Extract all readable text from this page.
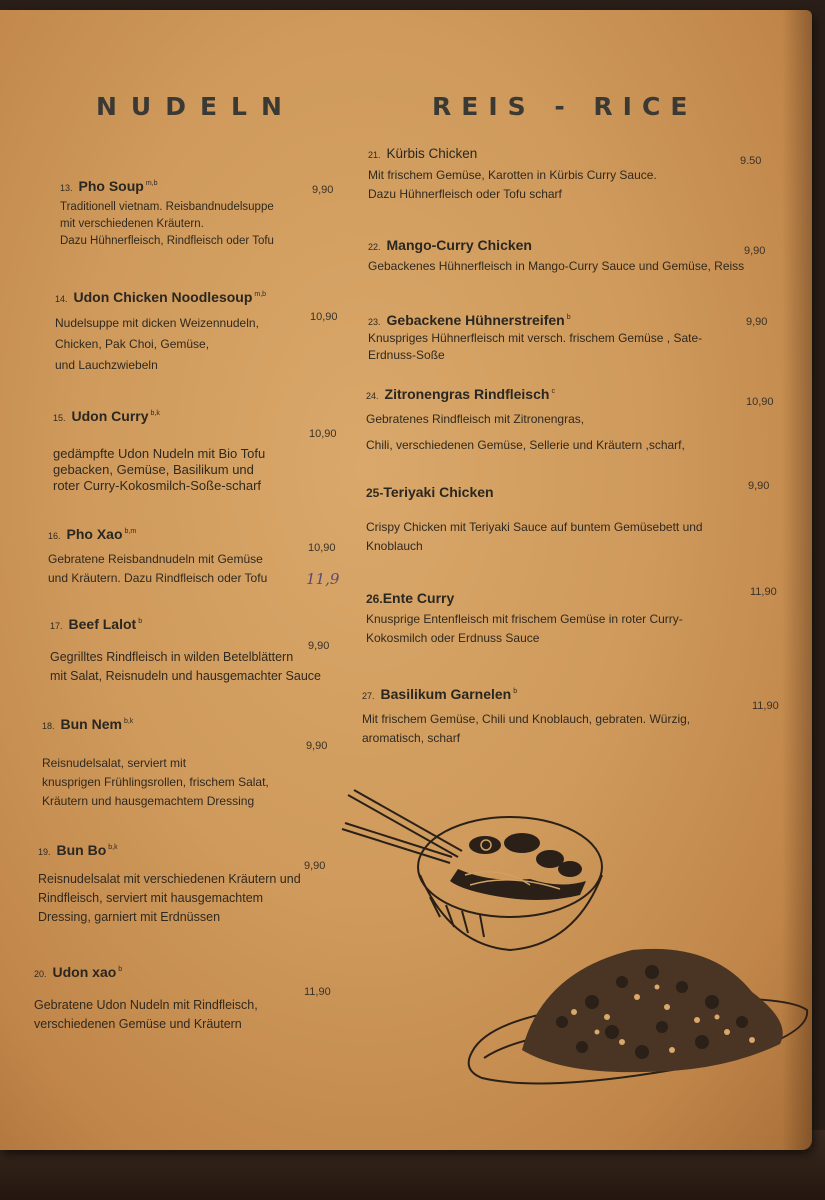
NUDELN	REIS - RICE
13. Pho Soup $^{m,b}$
9,90
Traditionell vietnam. Reisbandnudelsuppe
mit verschiedenen Kräutern.
Dazu Hühnerfleisch, Rindfleisch oder Tofu
14. Udon Chicken Noodlesoup $^{m,b}$
10,90
Nudelsuppe mit dicken Weizennudeln,
Chicken, Pak Choi, Gemüse,
und Lauchzwiebeln
15. Udon Curry $^{b,k}$
10,90
gedämpfte Udon Nudeln mit Bio Tofu
gebacken, Gemüse, Basilikum und
roter Curry-Kokosmilch-Soße-scharf
16. Pho Xao $^{b,m}$
10,90
11,9
Gebratene Reisbandnudeln mit Gemüse
und Kräutern. Dazu Rindfleisch oder Tofu
17. Beef Lalot $^b$
9,90
Gegrilltes Rindfleisch in wilden Betelblättern
mit Salat, Reisnudeln und hausgemachter Sauce
18. Bun Nem $^{b,k}$
9,90
Reisnudelsalat, serviert mit
knusprigen Frühlingsrollen, frischem Salat,
Kräutern und hausgemachtem Dressing
19. Bun Bo $^{b,k}$
9,90
Reisnudelsalat mit verschiedenen Kräutern und
Rindfleisch, serviert mit hausgemachtem
Dressing, garniert mit Erdnüssen
20. Udon xao $^b$
11,90
Gebratene Udon Nudeln mit Rindfleisch,
verschiedenen Gemüse und Kräutern
21. Kürbis Chicken	9.50
Mit frischem Gemüse, Karotten in Kürbis Curry Sauce.
Dazu Hühnerfleisch oder Tofu scharf
22. Mango-Curry Chicken	9,90
Gebackenes Hühnerfleisch in Mango-Curry Sauce und Gemüse, Reiss
23. Gebackene Hühnerstreifen $^b$	9,90
Knuspriges Hühnerfleisch mit versch. frischem Gemüse , Sate-
Erdnuss-Soße
24. Zitronengras Rindfleisch $^c$
10,90
Gebratenes Rindfleisch mit Zitronengras,
Chili, verschiedenen Gemüse, Sellerie und Kräutern ,scharf,
25-Teriyaki Chicken	9,90
Crispy Chicken mit Teriyaki Sauce auf buntem Gemüsebett und
Knoblauch
26.Ente Curry	11,90
Knusprige Entenfleisch mit frischem Gemüse in roter Curry-
Kokosmilch oder Erdnuss Sauce
27. Basilikum Garnelen $^b$
11,90
Mit frischem Gemüse, Chili und Knoblauch, gebraten. Würzig,
aromatisch, scharf
